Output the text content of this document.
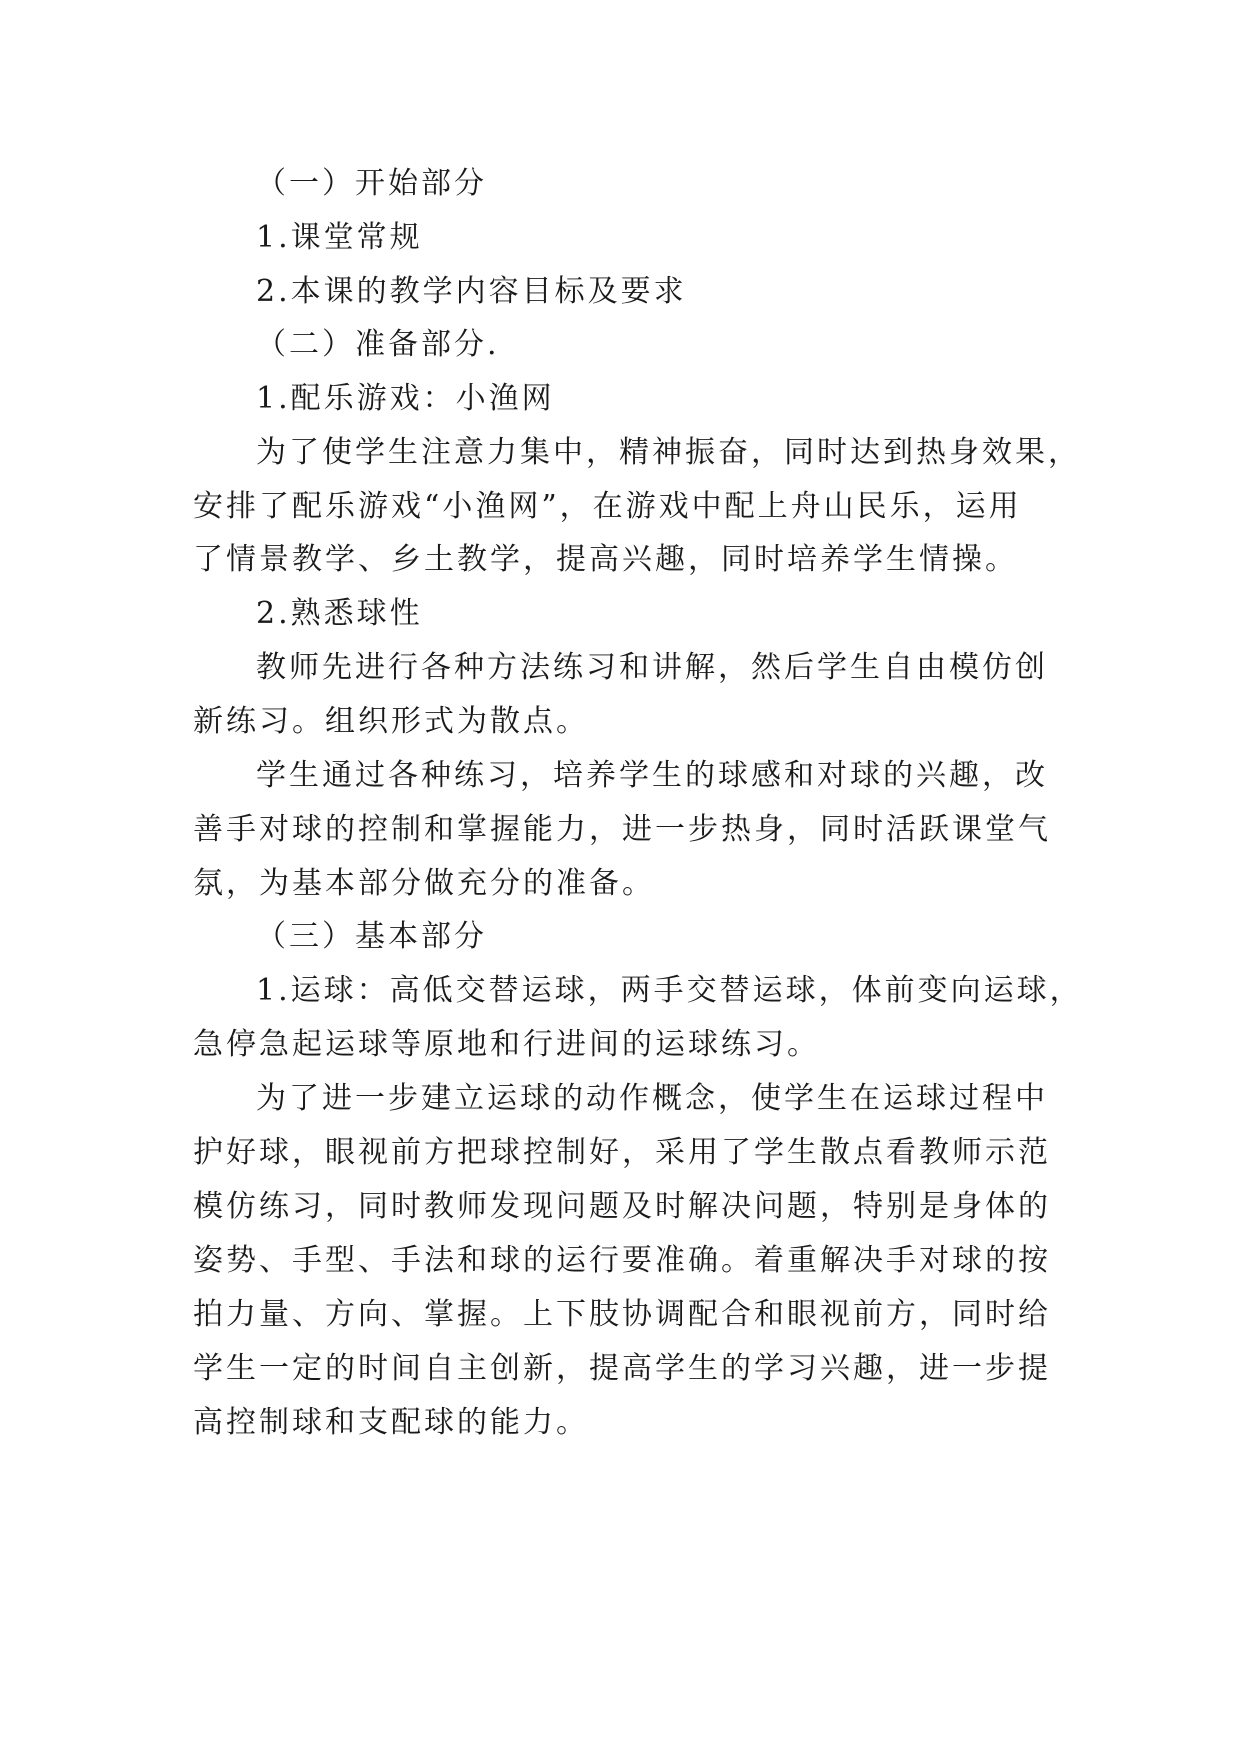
（一）开始部分
1.课堂常规
2.本课的教学内容目标及要求
（二）准备部分.
1.配乐游戏：小渔网
为了使学生注意力集中，精神振奋，同时达到热身效果，
安排了配乐游戏“小渔网”，在游戏中配上舟山民乐，运用
了情景教学、乡土教学，提高兴趣，同时培养学生情操。
2.熟悉球性
教师先进行各种方法练习和讲解，然后学生自由模仿创
新练习。组织形式为散点。
学生通过各种练习，培养学生的球感和对球的兴趣，改
善手对球的控制和掌握能力，进一步热身，同时活跃课堂气
氛，为基本部分做充分的准备。
（三）基本部分
1.运球：高低交替运球，两手交替运球，体前变向运球，
急停急起运球等原地和行进间的运球练习。
为了进一步建立运球的动作概念，使学生在运球过程中
护好球，眼视前方把球控制好，采用了学生散点看教师示范
模仿练习，同时教师发现问题及时解决问题，特别是身体的
姿势、手型、手法和球的运行要准确。着重解决手对球的按
拍力量、方向、掌握。上下肢协调配合和眼视前方，同时给
学生一定的时间自主创新，提高学生的学习兴趣，进一步提
高控制球和支配球的能力。
